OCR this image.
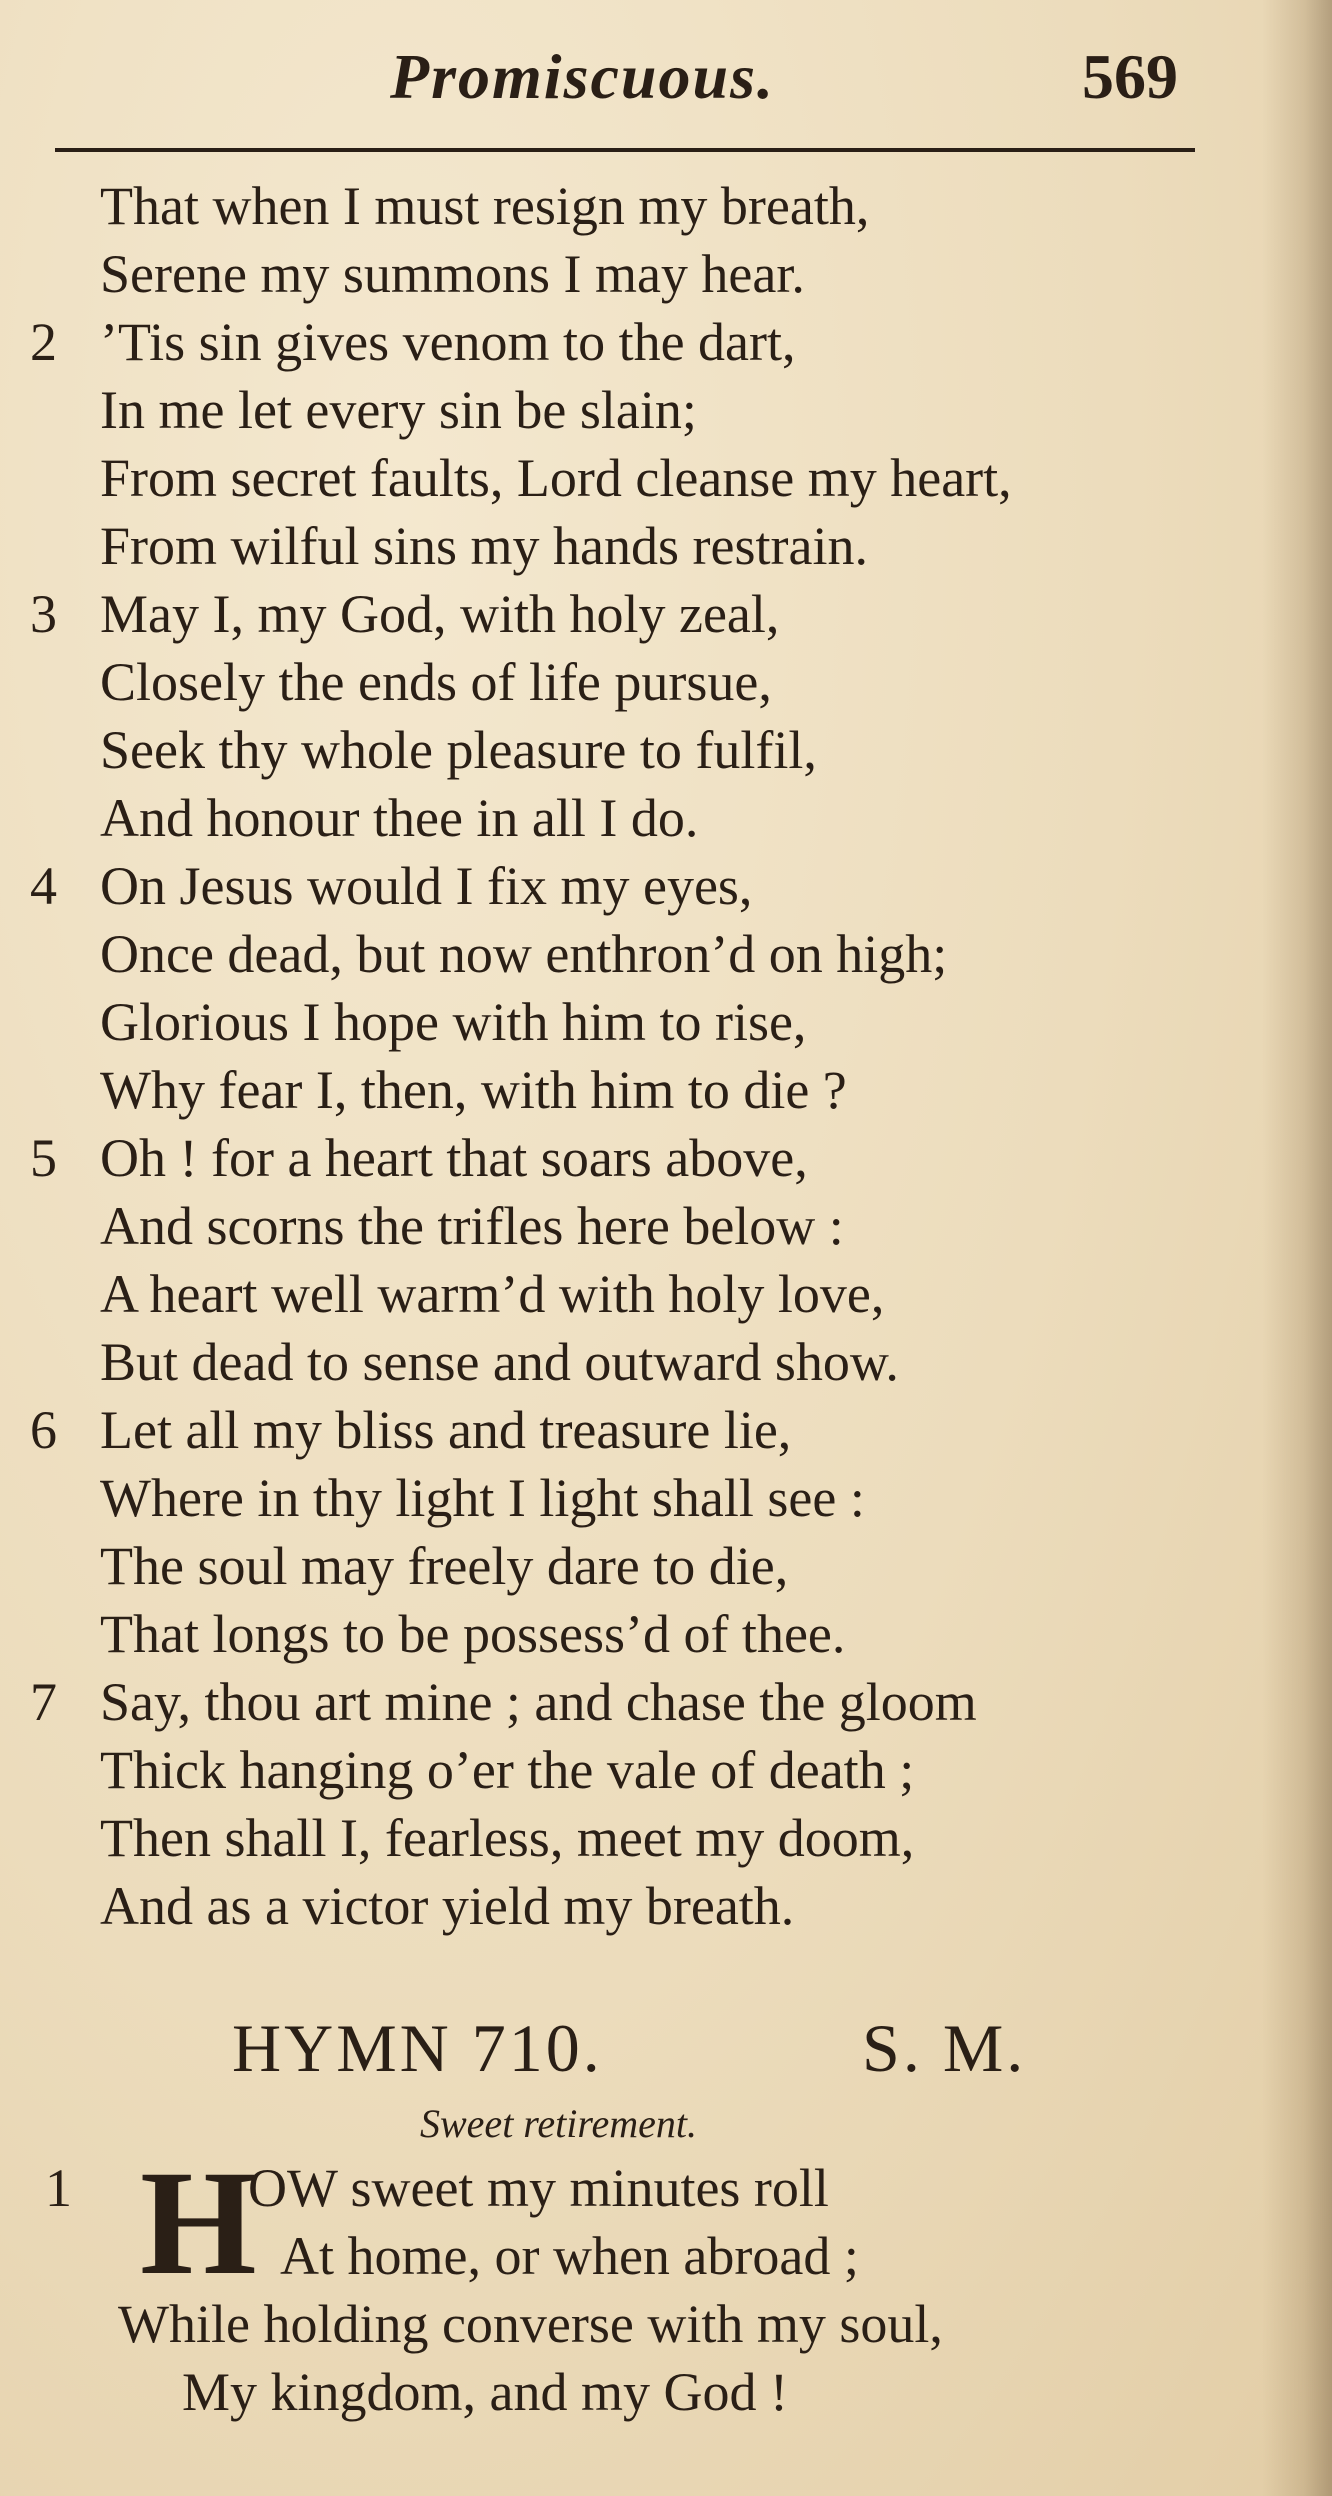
Promiscuous.	569
That when I must resign my breath,
Serene my summons I may hear.
2 ’Tis sin gives venom to the dart,
In me let every sin be slain;
From secret faults, Lord cleanse my heart,
From wilful sins my hands restrain.
3 May I, my God, with holy zeal,
Closely the ends of life pursue,
Seek thy whole pleasure to fulfil,
And honour thee in all I do.
4 On Jesus would I fix my eyes,
Once dead, but now enthron’d on high;
Glorious I hope with him to rise,
Why fear I, then, with him to die ?
5 Oh ! for a heart that soars above,
And scorns the trifles here below :
A heart well warm’d with holy love,
But dead to sense and outward show.
6 Let all my bliss and treasure lie,
Where in thy light I light shall see :
The soul may freely dare to die,
That longs to be possess’d of thee.
7 Say, thou art mine ; and chase the gloom
Thick hanging o’er the vale of death ;
Then shall I, fearless, meet my doom,
And as a victor yield my breath.
HYMN 710.	S. M.
Sweet retirement.
1 H
OW sweet my minutes roll
At home, or when abroad ;
While holding converse with my soul,
My kingdom, and my God !
